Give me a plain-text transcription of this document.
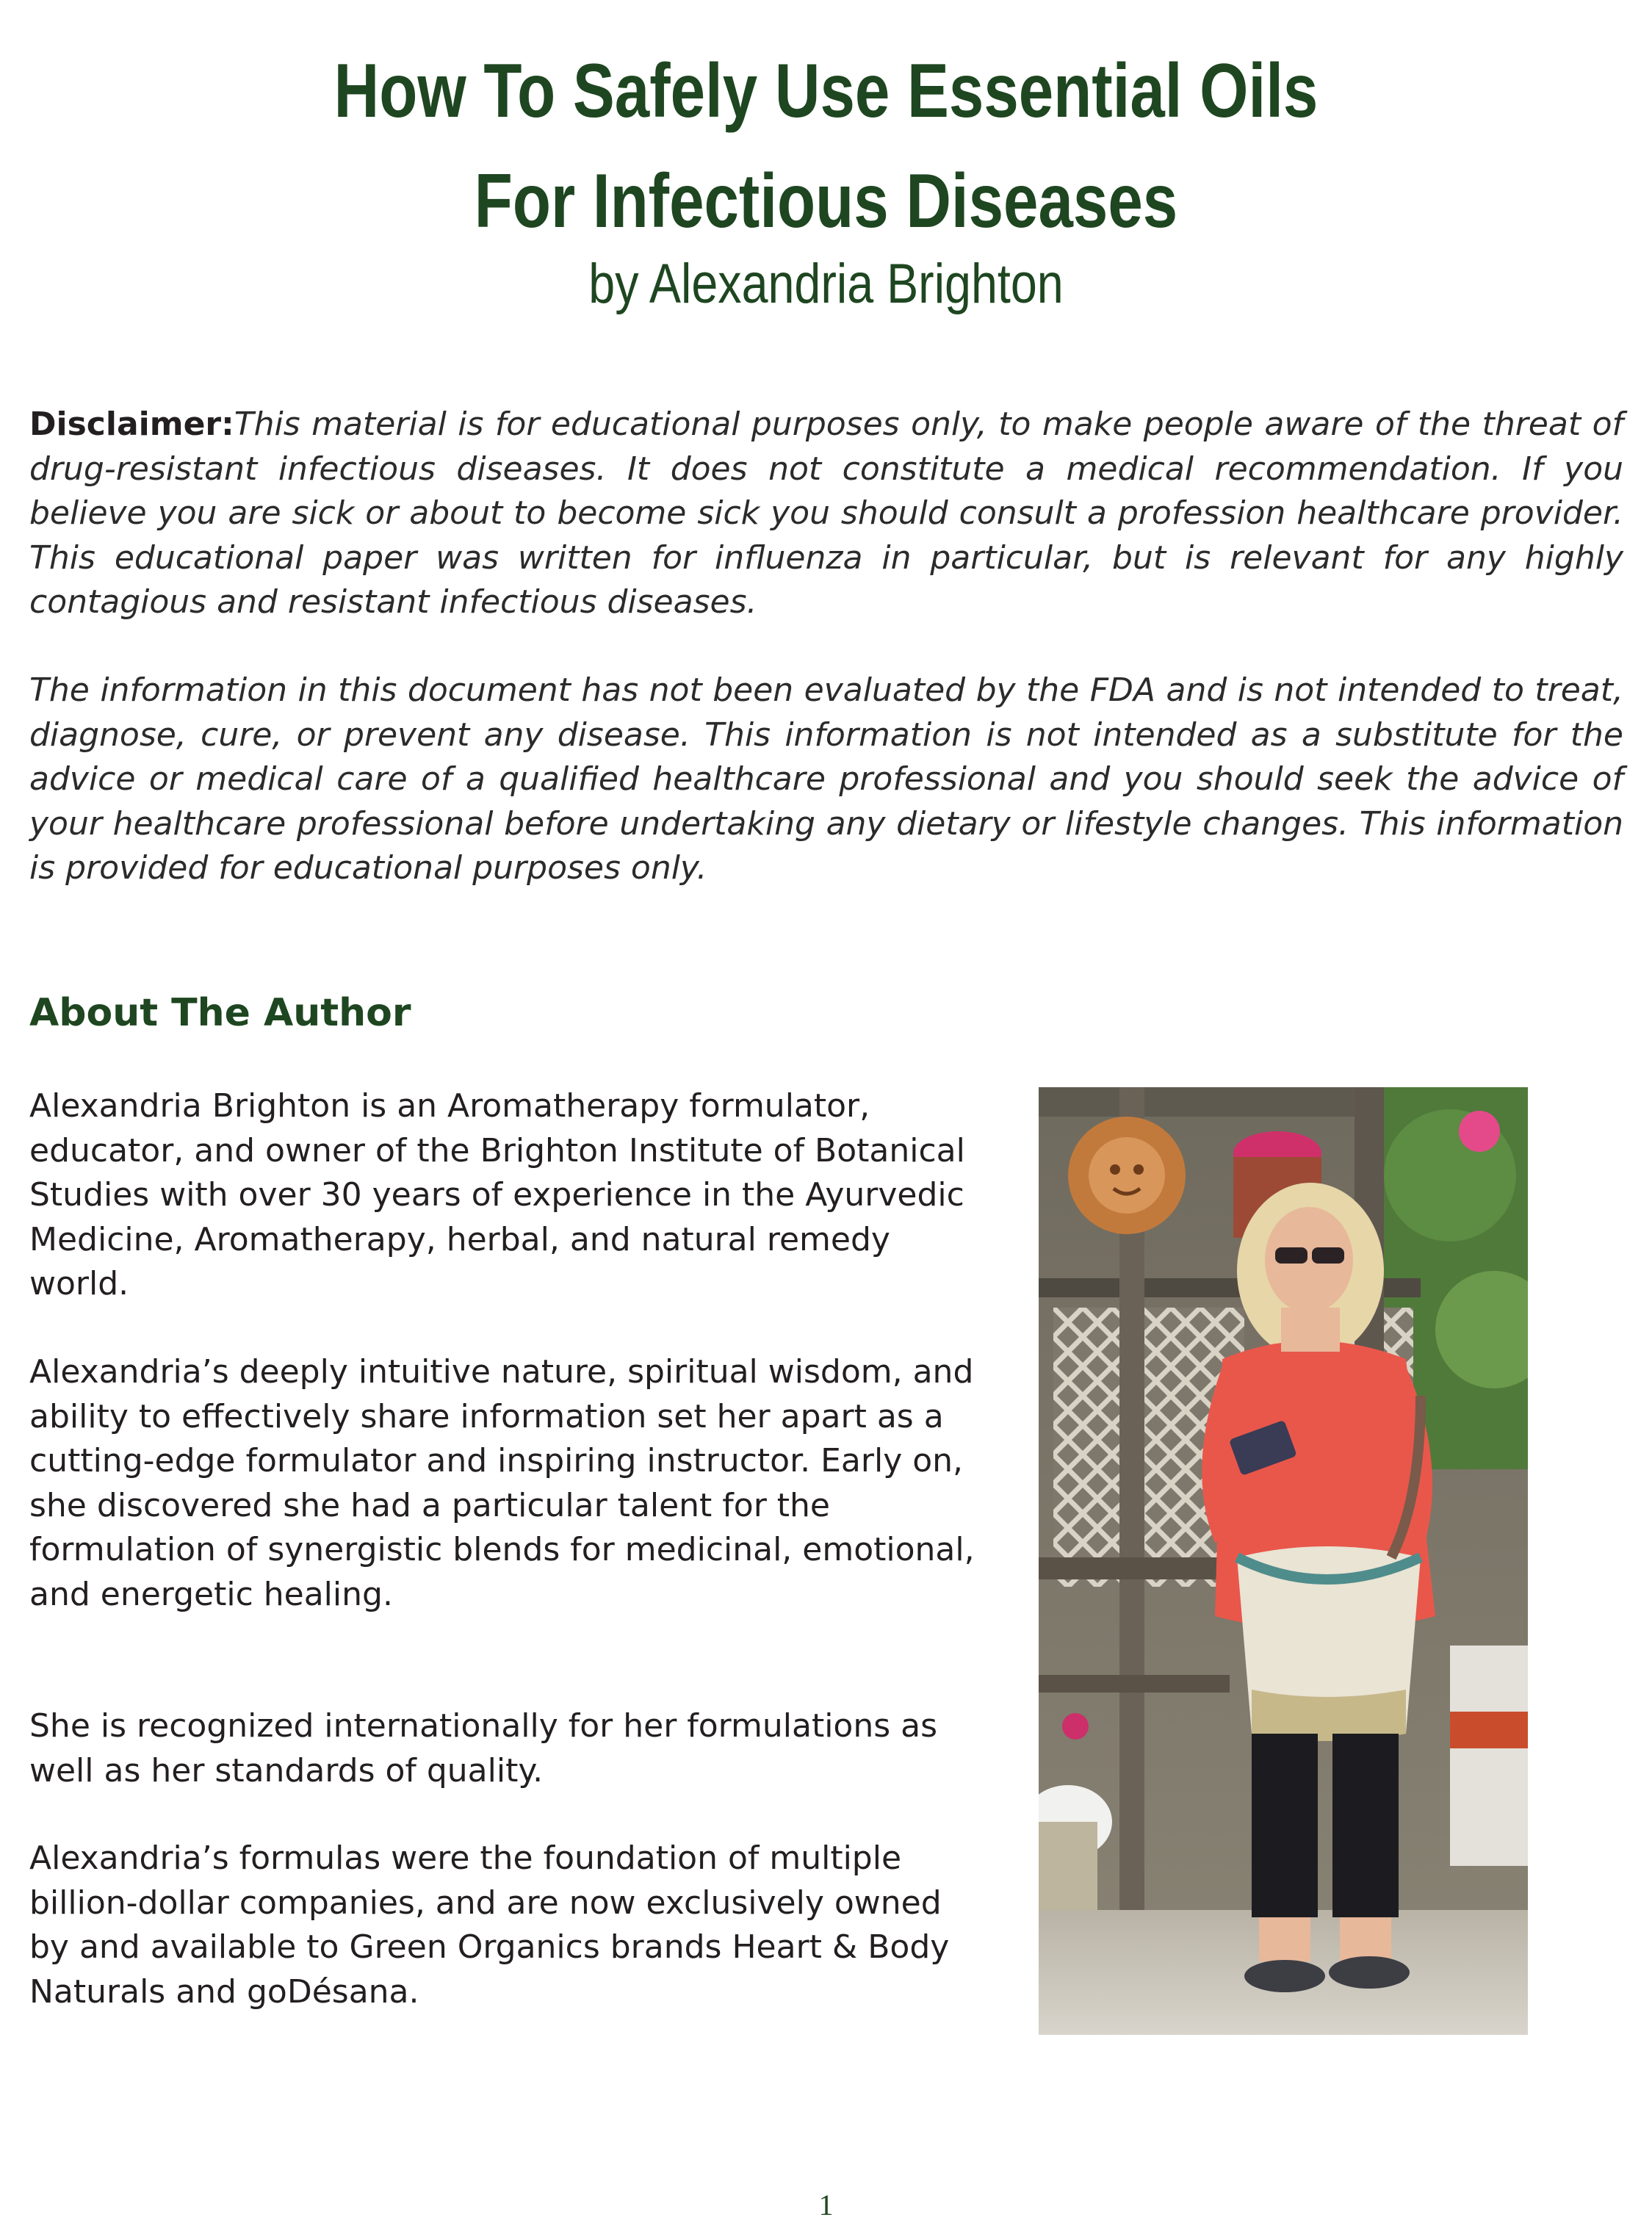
How To Safely Use Essential Oils
For Infectious Diseases
by Alexandria Brighton
Disclaimer:This material is for educational purposes only, to make people aware of the threat of drug-resistant infectious diseases. It does not constitute a medical recommendation. If you believe you are sick or about to become sick you should consult a profession healthcare provider. This educational paper was written for influenza in particular, but is relevant for any highly contagious and resistant infectious diseases.
The information in this document has not been evaluated by the FDA and is not intended to treat, diagnose, cure, or prevent any disease. This information is not intended as a substitute for the advice or medical care of a qualified healthcare professional and you should seek the advice of your healthcare professional before undertaking any dietary or lifestyle changes. This information is provided for educational purposes only.
About The Author
Alexandria Brighton is an Aromatherapy formulator, educator, and owner of the Brighton Institute of Botanical Studies with over 30 years of experience in the Ayurvedic Medicine, Aromatherapy, herbal, and natural remedy world.
Alexandria’s deeply intuitive nature, spiritual wisdom, and ability to effectively share information set her apart as a cutting-edge formulator and inspiring instructor. Early on, she discovered she had a particular talent for the formulation of synergistic blends for medicinal, emotional, and energetic healing.
She is recognized internationally for her formulations as well as her standards of quality.
Alexandria’s formulas were the foundation of multiple billion-dollar companies, and are now exclusively owned by and available to Green Organics brands Heart & Body Naturals and goDésana.
1
